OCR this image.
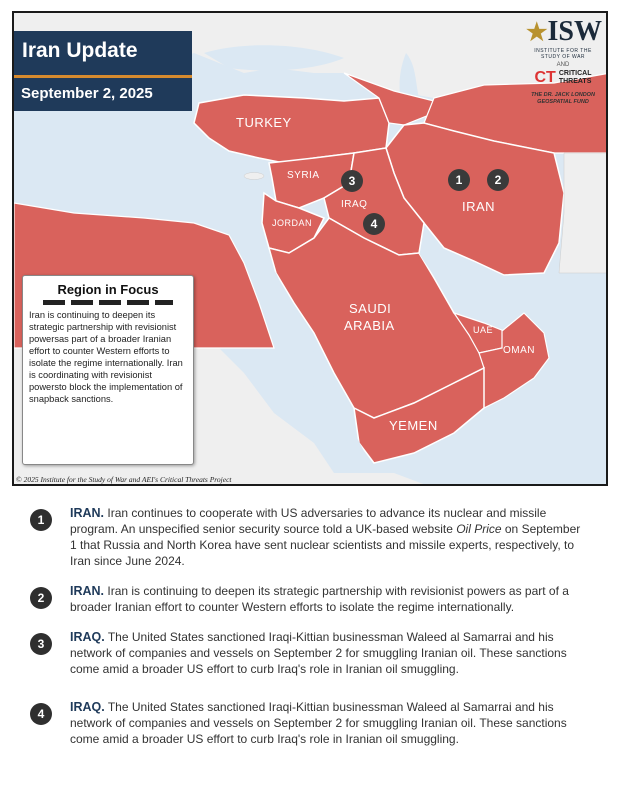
Iran Update
September 2, 2025
★ISW
INSTITUTE FOR THE STUDY OF WAR
AND
CT CRITICAL
THREATS
THE DR. JACK LONDON
GEOSPATIAL FUND
TURKEY
SYRIA
IRAQ
JORDAN
IRAN
SAUDI
ARABIA	UAE
OMAN
YEMEN
1	2
3
4
Region in Focus
Iran is continuing to deepen its strategic partnership with revisionist powersas part of a broader Iranian effort to counter Western efforts to isolate the regime internationally. Iran is coordinating with revisionist powersto block the implementation of snapback sanctions.
© 2025 Institute for the Study of War and AEI's Critical Threats Project
1	IRAN. Iran continues to cooperate with US adversaries to advance its nuclear and missile program. An unspecified senior security source told a UK-based website Oil Price on September 1 that Russia and North Korea have sent nuclear scientists and missile experts, respectively, to Iran since June 2024.

2	IRAN. Iran is continuing to deepen its strategic partnership with revisionist powers as part of a broader Iranian effort to counter Western efforts to isolate the regime internationally.

3	IRAQ. The United States sanctioned Iraqi-Kittian businessman Waleed al Samarrai and his network of companies and vessels on September 2 for smuggling Iranian oil. These sanctions come amid a broader US effort to curb Iraq's role in Iranian oil smuggling.

4	IRAQ. The United States sanctioned Iraqi-Kittian businessman Waleed al Samarrai and his network of companies and vessels on September 2 for smuggling Iranian oil. These sanctions come amid a broader US effort to curb Iraq's role in Iranian oil smuggling.
